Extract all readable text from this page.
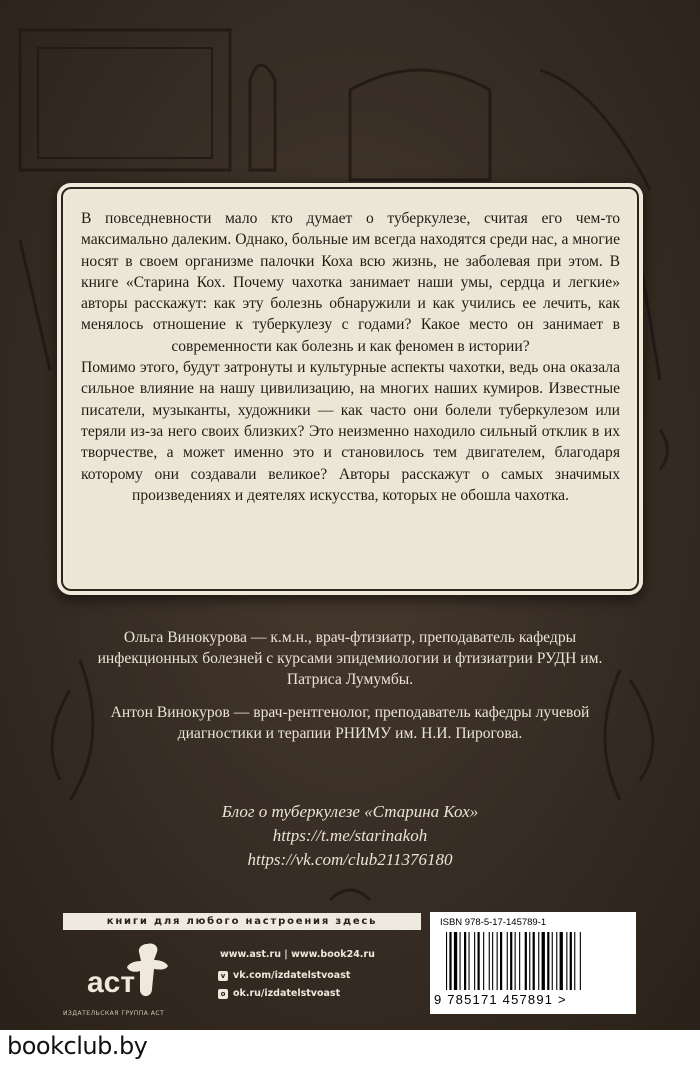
В повседневности мало кто думает о туберкулезе, считая его чем-то максимально далеким. Однако, больные им всегда находятся среди нас, а многие носят в своем организме палочки Коха всю жизнь, не заболевая при этом. В книге «Старина Кох. Почему чахотка занимает наши умы, сердца и легкие» авторы расскажут: как эту болезнь обнаружили и как учились ее лечить, как менялось отношение к туберкулезу с годами? Какое место он занимает в современности как болезнь и как феномен в истории?

Помимо этого, будут затронуты и культурные аспекты чахотки, ведь она оказала сильное влияние на нашу цивилизацию, на многих наших кумиров. Известные писатели, музыканты, художники — как часто они болели туберкулезом или теряли из-за него своих близких? Это неизменно находило сильный отклик в их творчестве, а может именно это и становилось тем двигателем, благодаря которому они создавали великое? Авторы расскажут о самых значимых произведениях и деятелях искусства, которых не обошла чахотка.

Ольга Винокурова — к.м.н., врач-фтизиатр, преподаватель кафедры инфекционных болезней с курсами эпидемиологии и фтизиатрии РУДН им. Патриса Лумумбы.

Антон Винокуров — врач-рентгенолог, преподаватель кафедры лучевой диагностики и терапии РНИМУ им. Н.И. Пирогова.

Блог о туберкулезе «Старина Кох»
https://t.me/starinakoh
https://vk.com/club211376180
книги для любого настроения здесь
аст
ИЗДАТЕЛЬСКАЯ ГРУППА АСТ
www.ast.ru | www.book24.ru
v vk.com/izdatelstvoast
o ok.ru/izdatelstvoast
ISBN 978-5-17-145789-1
9 785171 457891 >
bookclub.by
